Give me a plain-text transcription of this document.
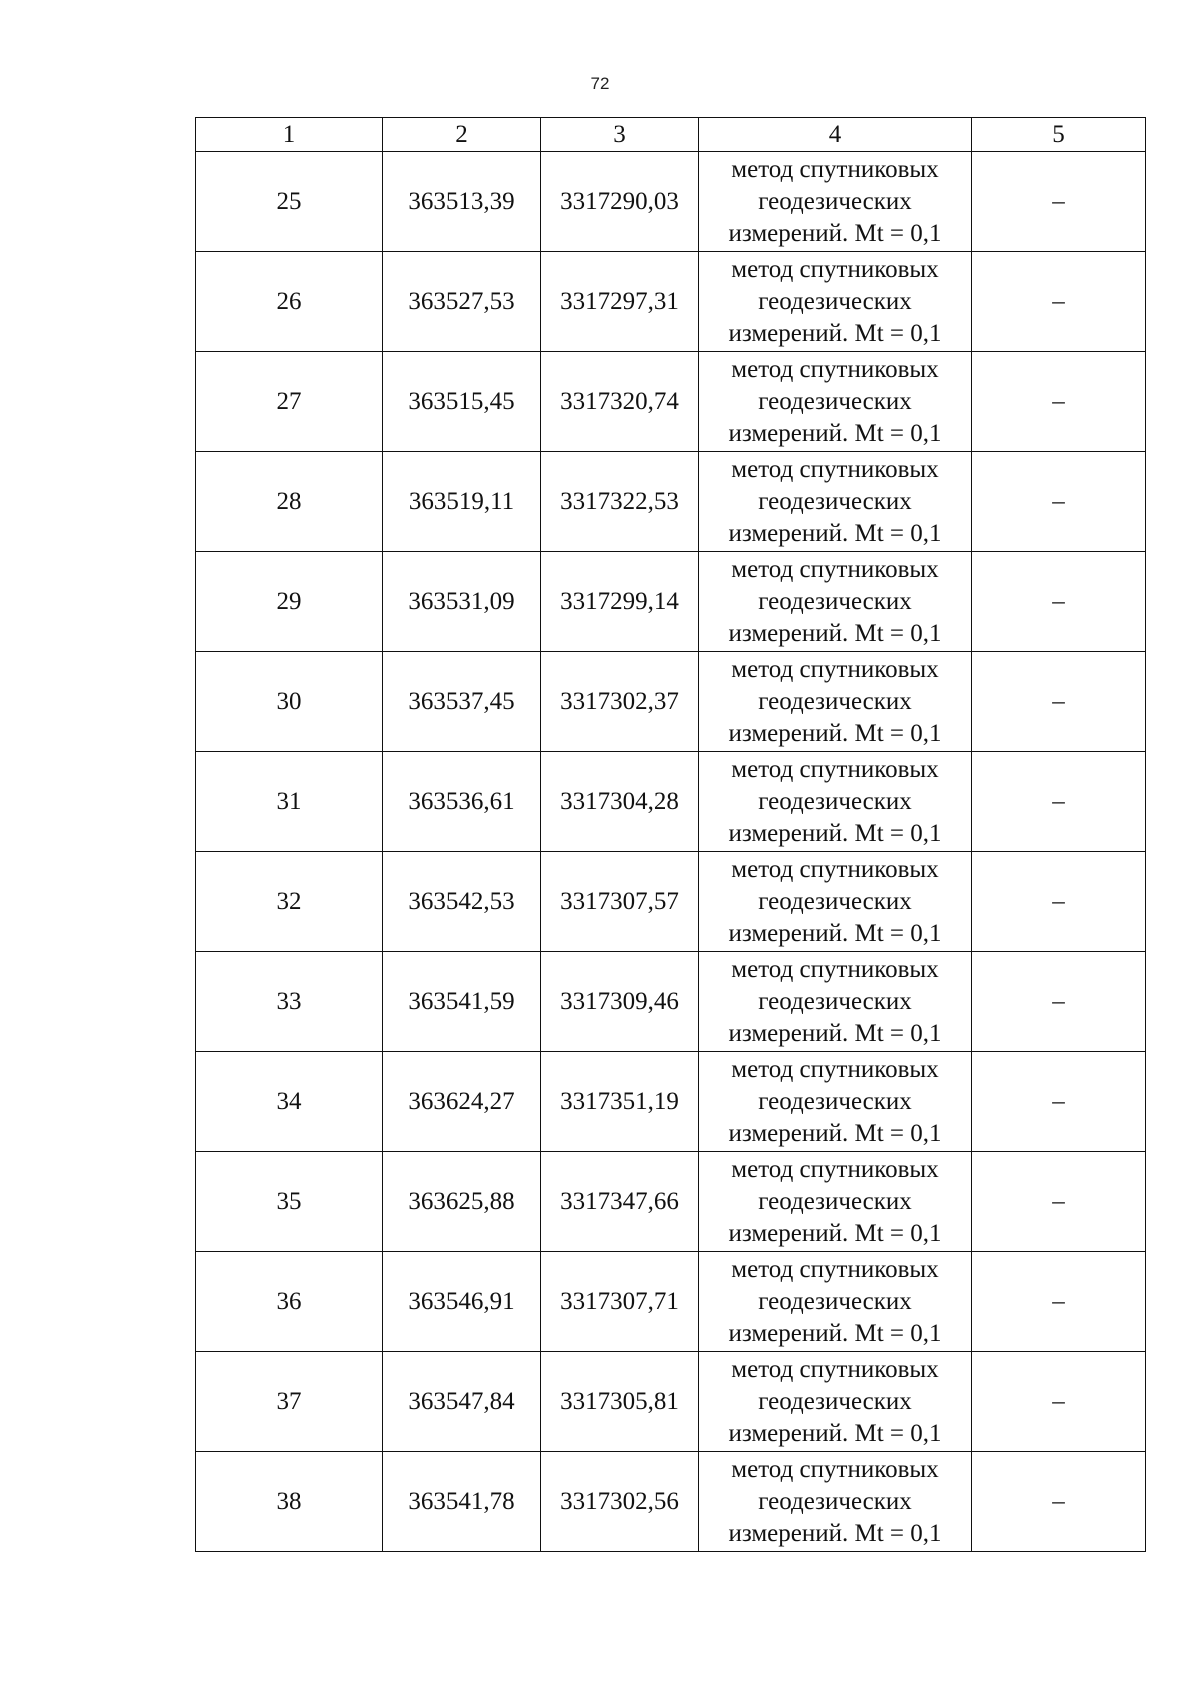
72
1	2	3	4	5
25	363513,39	3317290,03	метод спутниковых
геодезических
измерений. Mt = 0,1	–
26	363527,53	3317297,31	метод спутниковых
геодезических
измерений. Mt = 0,1	–
27	363515,45	3317320,74	метод спутниковых
геодезических
измерений. Mt = 0,1	–
28	363519,11	3317322,53	метод спутниковых
геодезических
измерений. Mt = 0,1	–
29	363531,09	3317299,14	метод спутниковых
геодезических
измерений. Mt = 0,1	–
30	363537,45	3317302,37	метод спутниковых
геодезических
измерений. Mt = 0,1	–
31	363536,61	3317304,28	метод спутниковых
геодезических
измерений. Mt = 0,1	–
32	363542,53	3317307,57	метод спутниковых
геодезических
измерений. Mt = 0,1	–
33	363541,59	3317309,46	метод спутниковых
геодезических
измерений. Mt = 0,1	–
34	363624,27	3317351,19	метод спутниковых
геодезических
измерений. Mt = 0,1	–
35	363625,88	3317347,66	метод спутниковых
геодезических
измерений. Mt = 0,1	–
36	363546,91	3317307,71	метод спутниковых
геодезических
измерений. Mt = 0,1	–
37	363547,84	3317305,81	метод спутниковых
геодезических
измерений. Mt = 0,1	–
38	363541,78	3317302,56	метод спутниковых
геодезических
измерений. Mt = 0,1	–
